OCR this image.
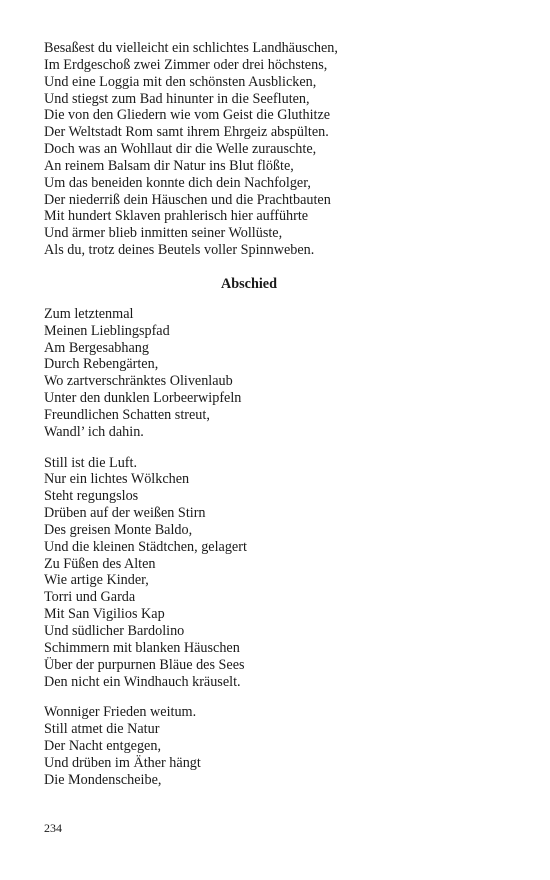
Besaßest du vielleicht ein schlichtes Landhäuschen,
Im Erdgeschoß zwei Zimmer oder drei höchstens,
Und eine Loggia mit den schönsten Ausblicken,
Und stiegst zum Bad hinunter in die Seefluten,
Die von den Gliedern wie vom Geist die Gluthitze
Der Weltstadt Rom samt ihrem Ehrgeiz abspülten.
Doch was an Wohllaut dir die Welle zurauschte,
An reinem Balsam dir Natur ins Blut flößte,
Um das beneiden konnte dich dein Nachfolger,
Der niederriß dein Häuschen und die Prachtbauten
Mit hundert Sklaven prahlerisch hier aufführte
Und ärmer blieb inmitten seiner Wollüste,
Als du, trotz deines Beutels voller Spinnweben.
Abschied
Zum letztenmal
Meinen Lieblingspfad
Am Bergesabhang
Durch Rebengärten,
Wo zartverschränktes Olivenlaub
Unter den dunklen Lorbeerwipfeln
Freundlichen Schatten streut,
Wandl’ ich dahin.
Still ist die Luft.
Nur ein lichtes Wölkchen
Steht regungslos
Drüben auf der weißen Stirn
Des greisen Monte Baldo,
Und die kleinen Städtchen, gelagert
Zu Füßen des Alten
Wie artige Kinder,
Torri und Garda
Mit San Vigilios Kap
Und südlicher Bardolino
Schimmern mit blanken Häuschen
Über der purpurnen Bläue des Sees
Den nicht ein Windhauch kräuselt.
Wonniger Frieden weitum.
Still atmet die Natur
Der Nacht entgegen,
Und drüben im Äther hängt
Die Mondenscheibe,
234
